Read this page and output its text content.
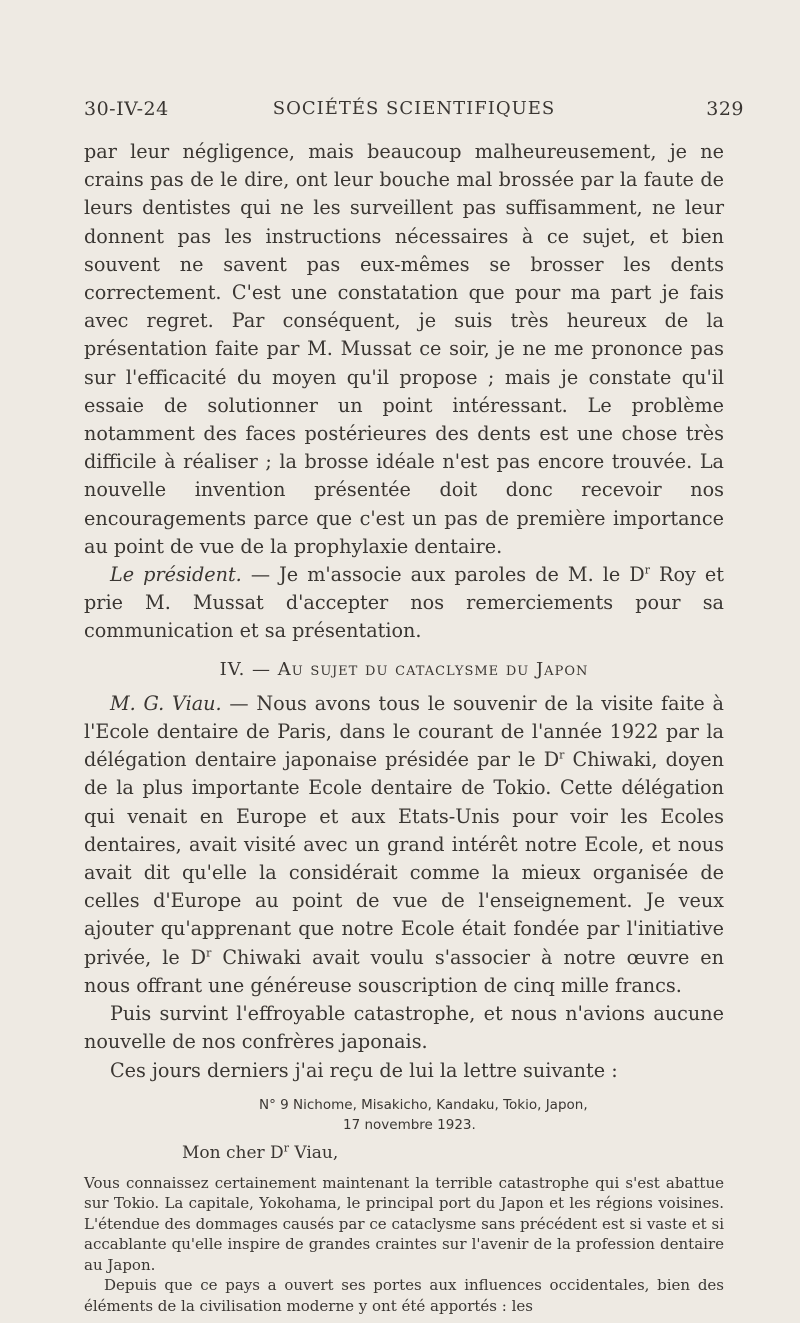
30-IV-24	SOCIÉTÉS SCIENTIFIQUES	329

par leur négligence, mais beaucoup malheureusement, je ne crains pas de le dire, ont leur bouche mal brossée par la faute de leurs dentistes qui ne les surveillent pas suffisamment, ne leur donnent pas les instructions nécessaires à ce sujet, et bien souvent ne savent pas eux-mêmes se brosser les dents correctement. C'est une constatation que pour ma part je fais avec regret. Par conséquent, je suis très heureux de la présentation faite par M. Mussat ce soir, je ne me prononce pas sur l'efficacité du moyen qu'il propose ; mais je constate qu'il essaie de solutionner un point intéressant. Le problème notamment des faces postérieures des dents est une chose très difficile à réaliser ; la brosse idéale n'est pas encore trouvée. La nouvelle invention présentée doit donc recevoir nos encouragements parce que c'est un pas de première importance au point de vue de la prophylaxie dentaire.

Le président. — Je m'associe aux paroles de M. le $D^r$ Roy et prie M. Mussat d'accepter nos remerciements pour sa communication et sa présentation.

IV. — Au sujet du cataclysme du Japon

M. G. Viau. — Nous avons tous le souvenir de la visite faite à l'Ecole dentaire de Paris, dans le courant de l'année 1922 par la délégation dentaire japonaise présidée par le $D^r$ Chiwaki, doyen de la plus importante Ecole dentaire de Tokio. Cette délégation qui venait en Europe et aux Etats-Unis pour voir les Ecoles dentaires, avait visité avec un grand intérêt notre Ecole, et nous avait dit qu'elle la considérait comme la mieux organisée de celles d'Europe au point de vue de l'enseignement. Je veux ajouter qu'apprenant que notre Ecole était fondée par l'initiative privée, le $D^r$ Chiwaki avait voulu s'associer à notre œuvre en nous offrant une généreuse souscription de cinq mille francs.

Puis survint l'effroyable catastrophe, et nous n'avions aucune nouvelle de nos confrères japonais.

Ces jours derniers j'ai reçu de lui la lettre suivante :

N° 9 Nichome, Misakicho, Kandaku, Tokio, Japon,
17 novembre 1923.
Mon cher $D^r$ Viau,

Vous connaissez certainement maintenant la terrible catastrophe qui s'est abattue sur Tokio. La capitale, Yokohama, le principal port du Japon et les régions voisines. L'étendue des dommages causés par ce cataclysme sans précédent est si vaste et si accablante qu'elle inspire de grandes craintes sur l'avenir de la profession dentaire au Japon.

Depuis que ce pays a ouvert ses portes aux influences occidentales, bien des éléments de la civilisation moderne y ont été apportés : les
